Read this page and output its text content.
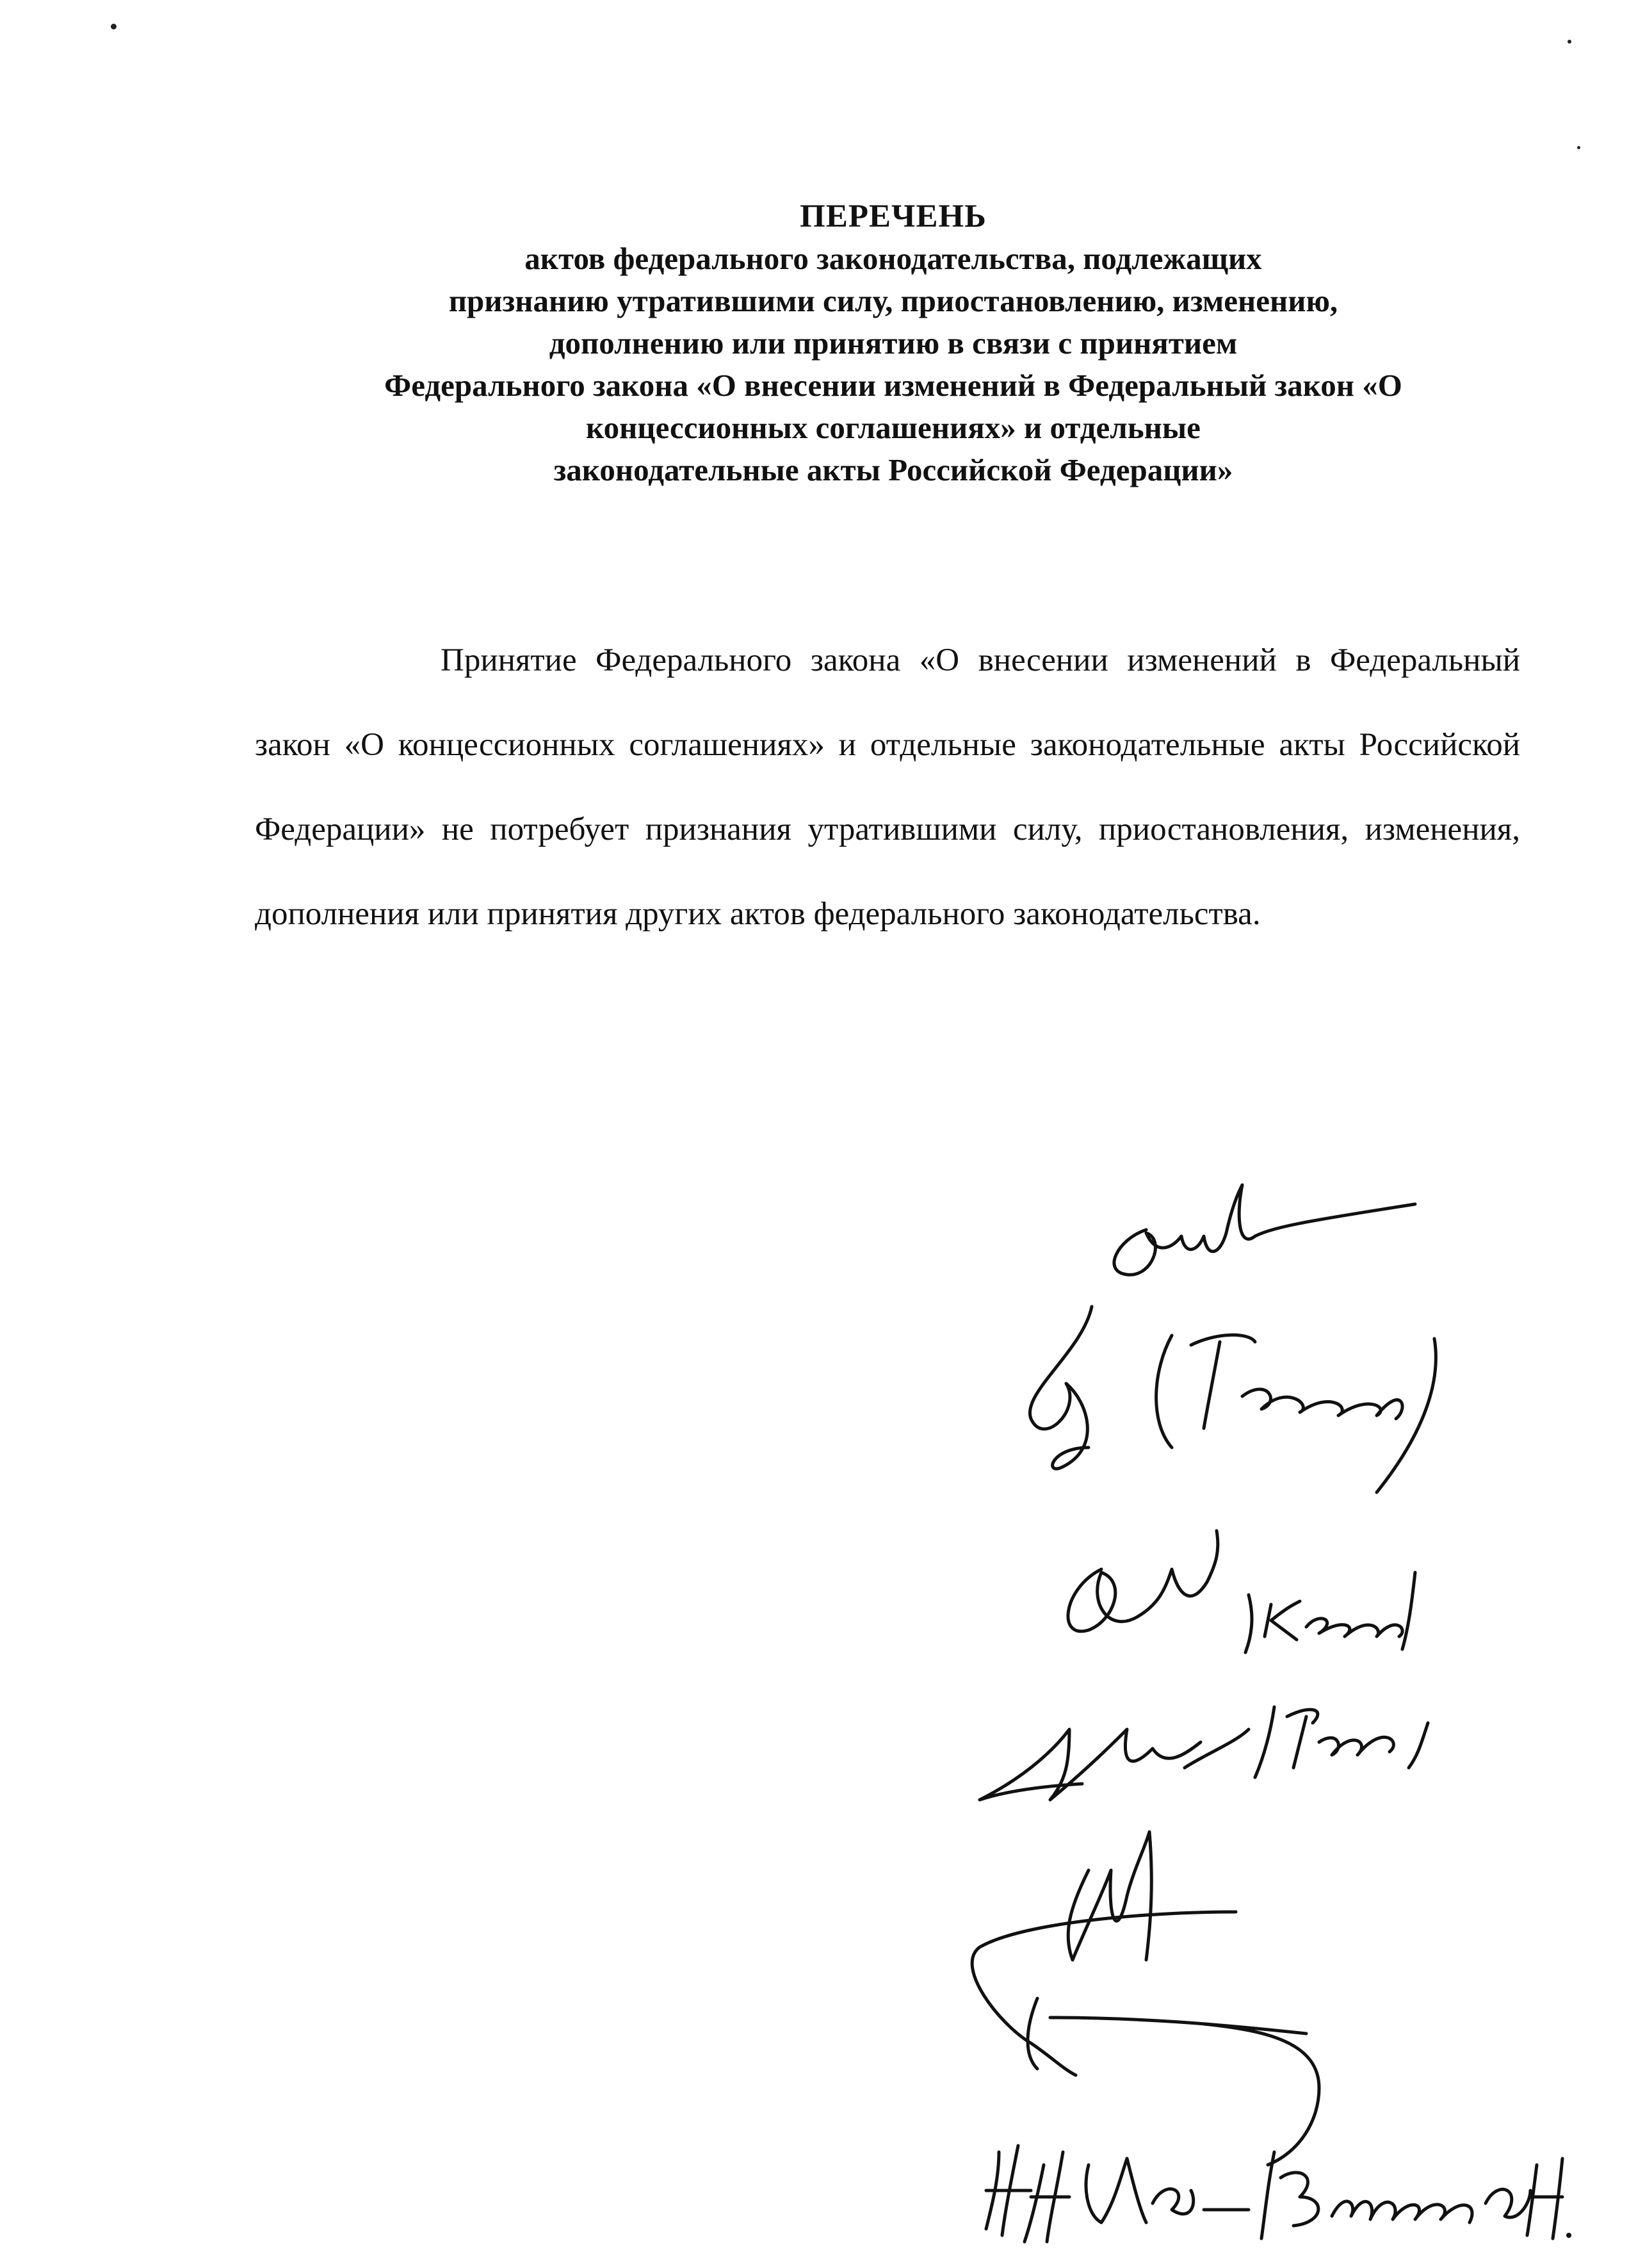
ПЕРЕЧЕНЬ
актов федерального законодательства, подлежащих
признанию утратившими силу, приостановлению, изменению,
дополнению или принятию в связи с принятием
Федерального закона «О внесении изменений в Федеральный закон «О
концессионных соглашениях» и отдельные
законодательные акты Российской Федерации»

Принятие Федерального закона «О внесении изменений в Федеральный закон «О концессионных соглашениях» и отдельные законодательные акты Российской Федерации» не потребует признания утратившими силу, приостановления, изменения, дополнения или принятия других актов федерального законодательства.
